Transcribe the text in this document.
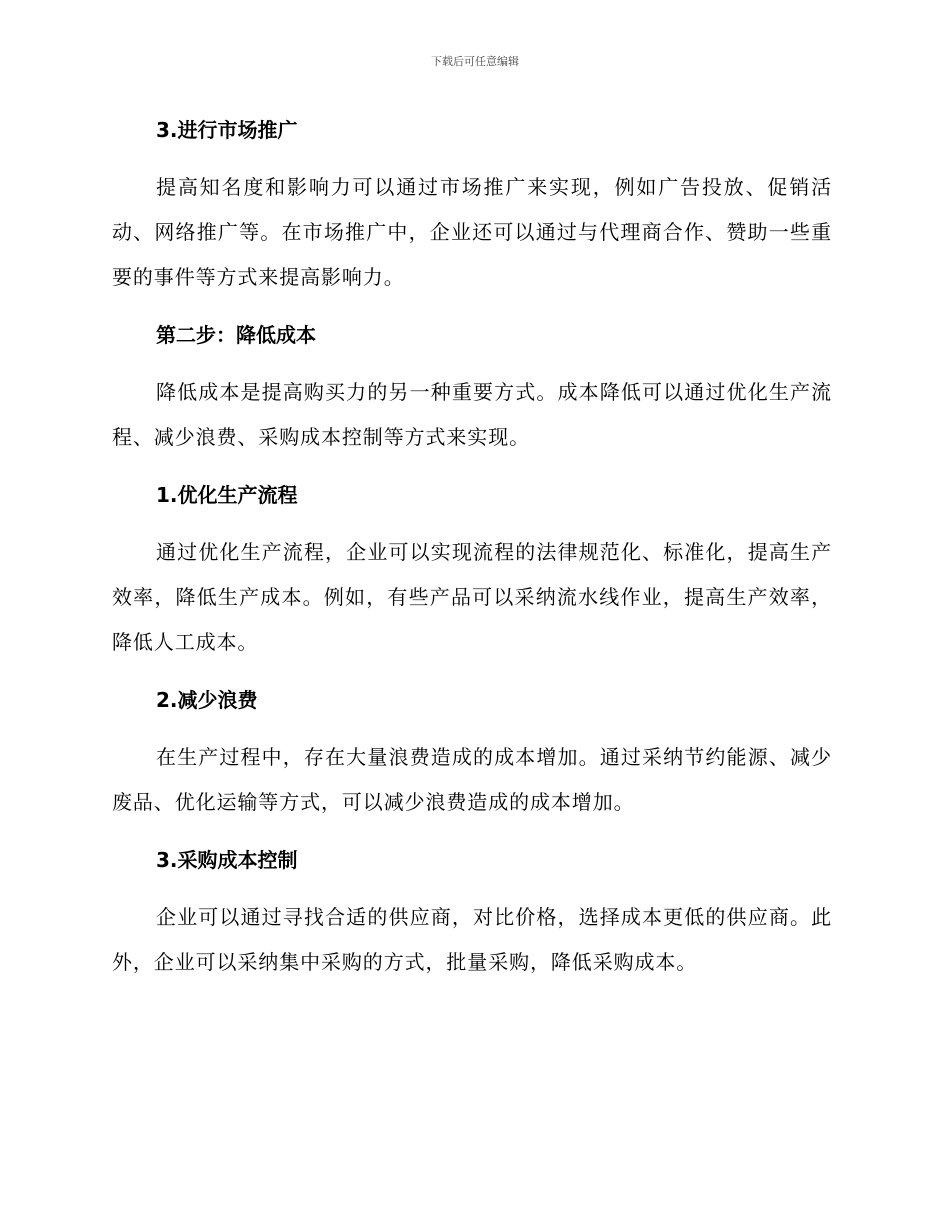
下载后可任意编辑
3.进行市场推广

提高知名度和影响力可以通过市场推广来实现，例如广告投放、促销活动、网络推广等。在市场推广中，企业还可以通过与代理商合作、赞助一些重要的事件等方式来提高影响力。

第二步：降低成本

降低成本是提高购买力的另一种重要方式。成本降低可以通过优化生产流程、减少浪费、采购成本控制等方式来实现。

1.优化生产流程

通过优化生产流程，企业可以实现流程的法律规范化、标准化，提高生产效率，降低生产成本。例如，有些产品可以采纳流水线作业，提高生产效率，降低人工成本。

2.减少浪费

在生产过程中，存在大量浪费造成的成本增加。通过采纳节约能源、减少废品、优化运输等方式，可以减少浪费造成的成本增加。

3.采购成本控制

企业可以通过寻找合适的供应商，对比价格，选择成本更低的供应商。此外，企业可以采纳集中采购的方式，批量采购，降低采购成本。
